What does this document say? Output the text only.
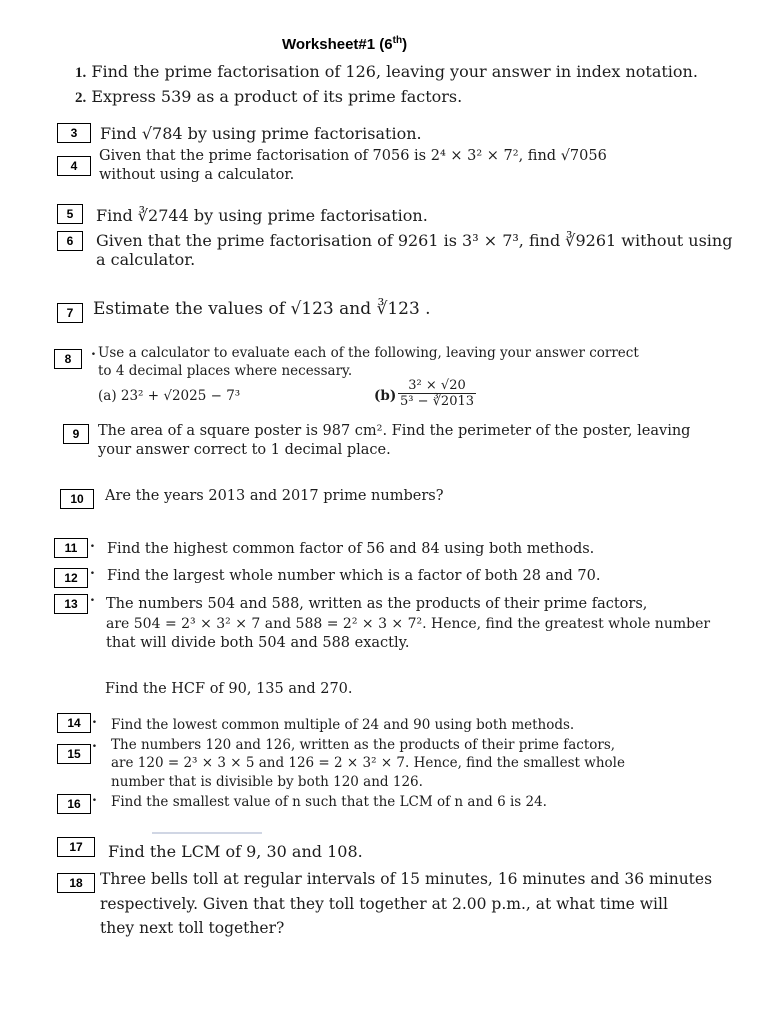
Worksheet#1 (6th)
1. Find the prime factorisation of 126, leaving your answer in index notation.
2. Express 539 as a product of its prime factors.
3	Find √784 by using prime factorisation.
4
Given that the prime factorisation of 7056 is 2⁴ × 3² × 7², find √7056
without using a calculator.
5	Find ∛2744 by using prime factorisation.
6	Given that the prime factorisation of 9261 is 3³ × 7³, find ∛9261 without using
a calculator.
7	Estimate the values of √123 and ∛123 .
8	. Use a calculator to evaluate each of the following, leaving your answer correct
to 4 decimal places where necessary.
(a) 23² + √2025 − 7³	$(b) \frac{\text{3² × √20}}{\text{5³ − ∛2013}}$
9	The area of a square poster is 987 cm². Find the perimeter of the poster, leaving
your answer correct to 1 decimal place.
10	Are the years 2013 and 2017 prime numbers?
11 . Find the highest common factor of 56 and 84 using both methods.
12 . Find the largest whole number which is a factor of both 28 and 70.
13 . The numbers 504 and 588, written as the products of their prime factors,
are 504 = 2³ × 3² × 7 and 588 = 2² × 3 × 7². Hence, find the greatest whole number
that will divide both 504 and 588 exactly.
Find the HCF of 90, 135 and 270.
14 . Find the lowest common multiple of 24 and 90 using both methods.
15
. The numbers 120 and 126, written as the products of their prime factors,
are 120 = 2³ × 3 × 5 and 126 = 2 × 3² × 7. Hence, find the smallest whole
number that is divisible by both 120 and 126.
16 . Find the smallest value of n such that the LCM of n and 6 is 24.
17	Find the LCM of 9, 30 and 108.
18	Three bells toll at regular intervals of 15 minutes, 16 minutes and 36 minutes
respectively. Given that they toll together at 2.00 p.m., at what time will
they next toll together?
